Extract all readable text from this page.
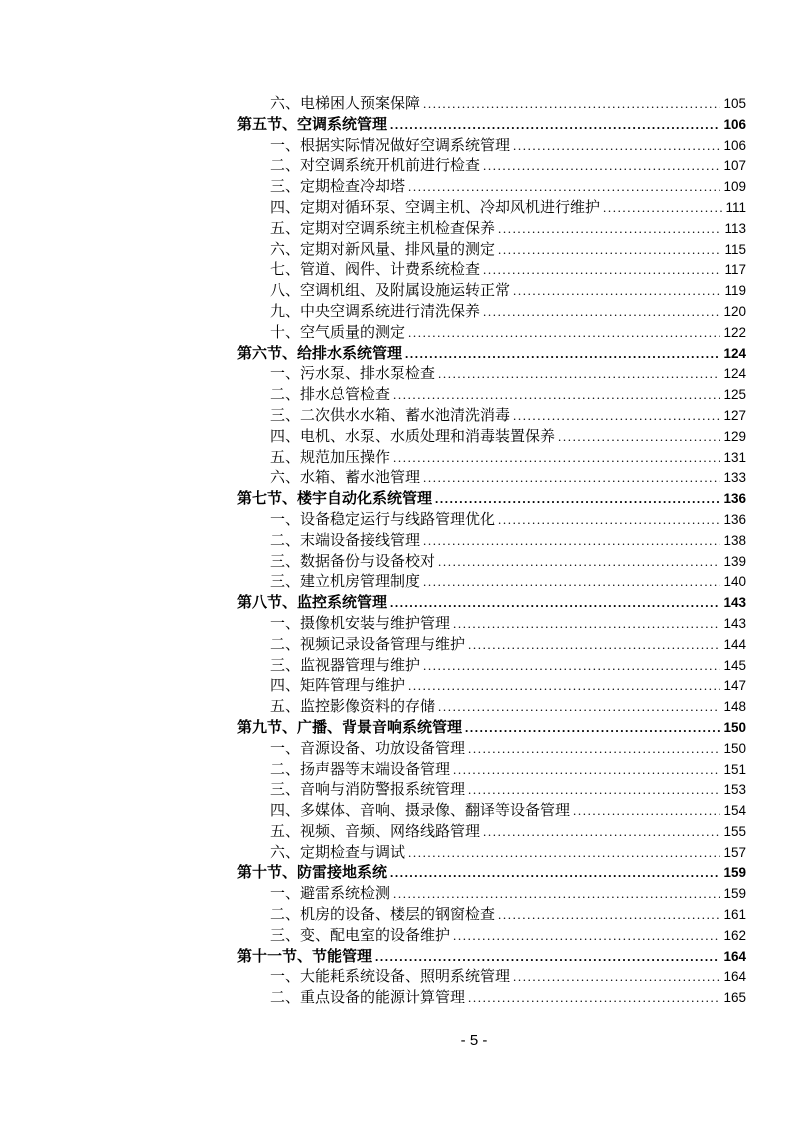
六、电梯困人预案保障 .....	105
第五节、空调系统管理 .....	106
一、根据实际情况做好空调系统管理 .....	106
二、对空调系统开机前进行检查 .....	107
三、定期检查冷却塔 .....	109
四、定期对循环泵、空调主机、冷却风机进行维护 .....	111
五、定期对空调系统主机检查保养 .....	113
六、定期对新风量、排风量的测定 .....	115
七、管道、阀件、计费系统检查 .....	117
八、空调机组、及附属设施运转正常 .....	119
九、中央空调系统进行清洗保养 .....	120
十、空气质量的测定 .....	122
第六节、给排水系统管理 .....	124
一、污水泵、排水泵检查 .....	124
二、排水总管检查 .....	125
三、二次供水水箱、蓄水池清洗消毒 .....	127
四、电机、水泵、水质处理和消毒装置保养 .....	129
五、规范加压操作 .....	131
六、水箱、蓄水池管理 .....	133
第七节、楼宇自动化系统管理 .....	136
一、设备稳定运行与线路管理优化 .....	136
二、末端设备接线管理 .....	138
三、数据备份与设备校对 .....	139
三、建立机房管理制度 .....	140
第八节、监控系统管理 .....	143
一、摄像机安装与维护管理 .....	143
二、视频记录设备管理与维护 .....	144
三、监视器管理与维护 .....	145
四、矩阵管理与维护 .....	147
五、监控影像资料的存储 .....	148
第九节、广播、背景音响系统管理 .....	150
一、音源设备、功放设备管理 .....	150
二、扬声器等末端设备管理 .....	151
三、音响与消防警报系统管理 .....	153
四、多媒体、音响、摄录像、翻译等设备管理 .....	154
五、视频、音频、网络线路管理 .....	155
六、定期检查与调试 .....	157
第十节、防雷接地系统 .....	159
一、避雷系统检测 .....	159
二、机房的设备、楼层的钢窗检查 .....	161
三、变、配电室的设备维护 .....	162
第十一节、节能管理 .....	164
一、大能耗系统设备、照明系统管理 .....	164
二、重点设备的能源计算管理 .....	165
- 5 -
